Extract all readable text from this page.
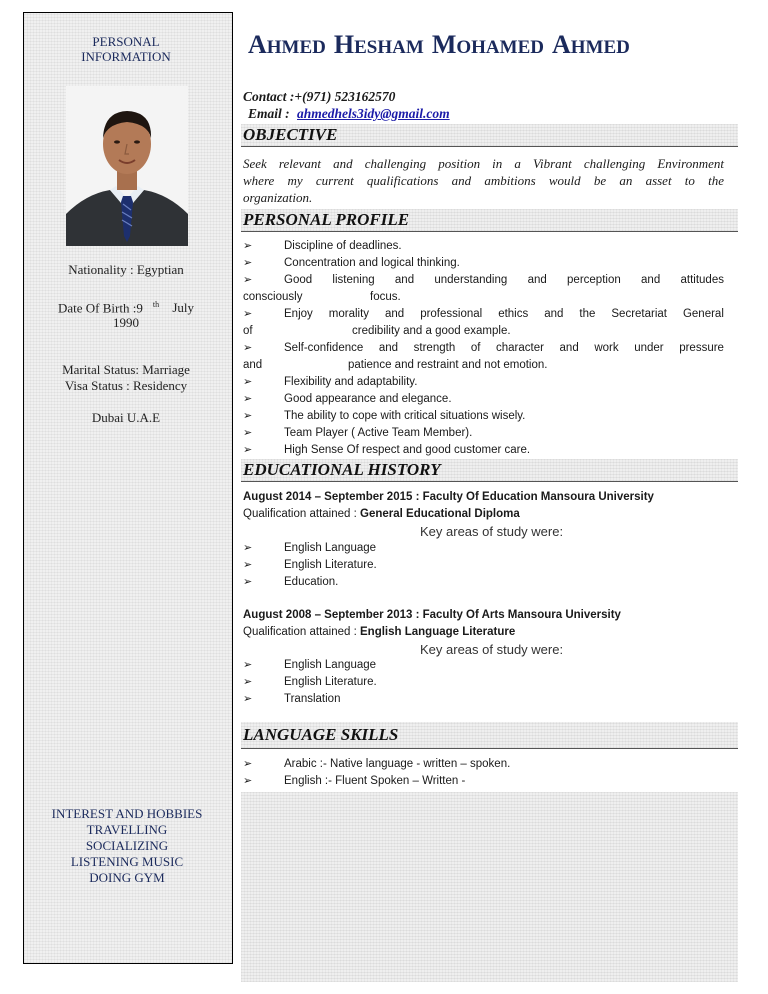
PERSONAL
INFORMATION
Nationality : Egyptian
Date Of Birth :9 $^{th}$ July
1990
Marital Status: Marriage
Visa Status : Residency
Dubai U.A.E
INTEREST AND HOBBIES
TRAVELLING
SOCIALIZING
LISTENING MUSIC
DOING GYM
AHMED HESHAM MOHAMED AHMED
Contact :+(971) 523162570
Email : ahmedhels3idy@gmail.com
OBJECTIVE
Seek relevant and challenging position in a Vibrant challenging Environment
where my current qualifications and ambitions would be an asset to the
organization.
PERSONAL PROFILE
➢	Discipline of deadlines.
➢	Concentration and logical thinking.
➢	Good listening and understanding and perception and attitudes
consciously	focus.
➢	Enjoy morality and professional ethics and the Secretariat General
of	credibility and a good example.
➢	Self-confidence and strength of character and work under pressure
and	patience and restraint and not emotion.
➢	Flexibility and adaptability.
➢	Good appearance and elegance.
➢	The ability to cope with critical situations wisely.
➢	Team Player ( Active Team Member).
➢	High Sense Of respect and good customer care.
EDUCATIONAL HISTORY
August 2014 – September 2015 : Faculty Of Education Mansoura University
Qualification attained : General Educational Diploma
Key areas of study were:
➢	English Language
➢	English Literature.
➢	Education.
August 2008 – September 2013 : Faculty Of Arts Mansoura University
Qualification attained : English Language Literature
Key areas of study were:
➢	English Language
➢	English Literature.
➢	Translation
LANGUAGE SKILLS
➢	Arabic :- Native language - written – spoken.
➢	English :- Fluent Spoken – Written -
